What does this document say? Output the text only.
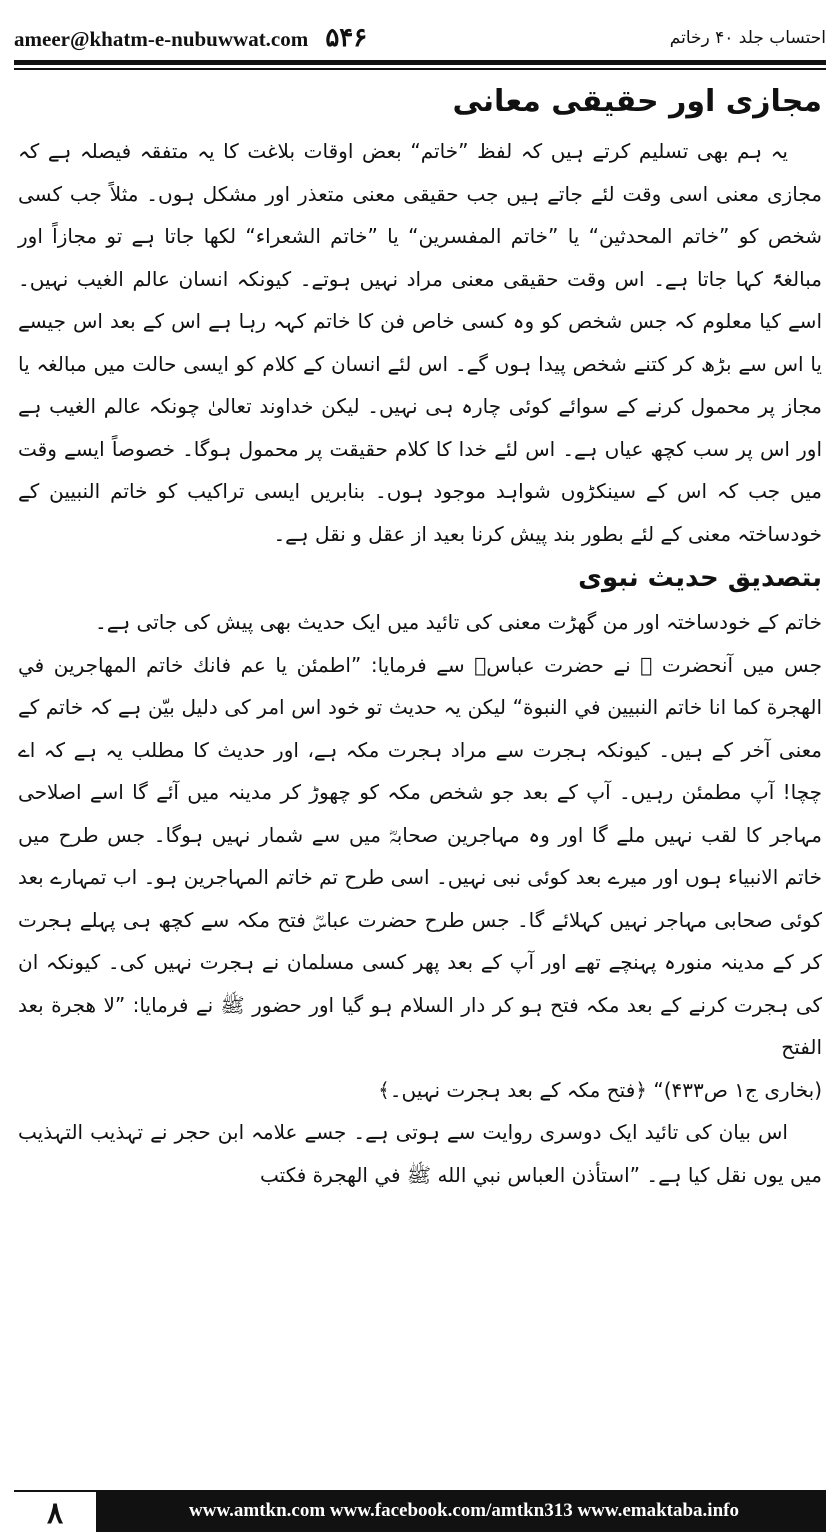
ameer@khatm-e-nubuwwat.com ۵۴۶	احتساب جلد ۴۰ رخاتم
مجازی اور حقیقی معانی

یہ ہم بھی تسلیم کرتے ہیں کہ لفظ ”خاتم“ بعض اوقات بلاغت کا یہ متفقہ فیصلہ ہے کہ مجازی معنی اسی وقت لئے جاتے ہیں جب حقیقی معنی متعذر اور مشکل ہوں۔ مثلاً جب کسی شخص کو ”خاتم المحدثین“ یا ”خاتم المفسرین“ یا ”خاتم الشعراء“ لکھا جاتا ہے تو مجازاً اور مبالغۃً کہا جاتا ہے۔ اس وقت حقیقی معنی مراد نہیں ہوتے۔ کیونکہ انسان عالم الغیب نہیں۔ اسے کیا معلوم کہ جس شخص کو وہ کسی خاص فن کا خاتم کہہ رہا ہے اس کے بعد اس جیسے یا اس سے بڑھ کر کتنے شخص پیدا ہوں گے۔ اس لئے انسان کے کلام کو ایسی حالت میں مبالغہ یا مجاز پر محمول کرنے کے سوائے کوئی چارہ ہی نہیں۔ لیکن خداوند تعالیٰ چونکہ عالم الغیب ہے اور اس پر سب کچھ عیاں ہے۔ اس لئے خدا کا کلام حقیقت پر محمول ہوگا۔ خصوصاً ایسے وقت میں جب کہ اس کے سینکڑوں شواہد موجود ہوں۔ بنابریں ایسی تراکیب کو خاتم النبیین کے خودساختہ معنی کے لئے بطور بند پیش کرنا بعید از عقل و نقل ہے۔

بتصدیق حدیث نبوی

خاتم کے خودساختہ اور من گھڑت معنی کی تائید میں ایک حدیث بھی پیش کی جاتی ہے۔

جس میں آنحضرت ﷺ نے حضرت عباسؓ سے فرمایا: ”اطمئن یا عم فانك خاتم المهاجرين في الهجرة كما انا خاتم النبيين في النبوة“ لیکن یہ حدیث تو خود اس امر کی دلیل بیّن ہے کہ خاتم کے معنی آخر کے ہیں۔ کیونکہ ہجرت سے مراد ہجرت مکہ ہے، اور حدیث کا مطلب یہ ہے کہ اے چچا! آپ مطمئن رہیں۔ آپ کے بعد جو شخص مکہ کو چھوڑ کر مدینہ میں آئے گا اسے اصلاحی مہاجر کا لقب نہیں ملے گا اور وہ مہاجرین صحابہؓ میں سے شمار نہیں ہوگا۔ جس طرح میں خاتم الانبیاء ہوں اور میرے بعد کوئی نبی نہیں۔ اسی طرح تم خاتم المہاجرین ہو۔ اب تمہارے بعد کوئی صحابی مہاجر نہیں کہلائے گا۔ جس طرح حضرت عباسؓ فتح مکہ سے کچھ ہی پہلے ہجرت کر کے مدینہ منورہ پہنچے تھے اور آپ کے بعد پھر کسی مسلمان نے ہجرت نہیں کی۔ کیونکہ ان کی ہجرت کرنے کے بعد مکہ فتح ہو کر دار السلام ہو گیا اور حضور ﷺ نے فرمایا: ”لا هجرة بعد الفتح
(بخاری ج۱ ص۴۳۳)“ ﴿فتح مکہ کے بعد ہجرت نہیں۔﴾

اس بیان کی تائید ایک دوسری روایت سے ہوتی ہے۔ جسے علامہ ابن حجر نے تہذیب التہذیب میں یوں نقل کیا ہے۔ ”استأذن العباس نبي الله ﷺ في الهجرة فكتب

۸	www.amtkn.com www.facebook.com/amtkn313 www.emaktaba.info
